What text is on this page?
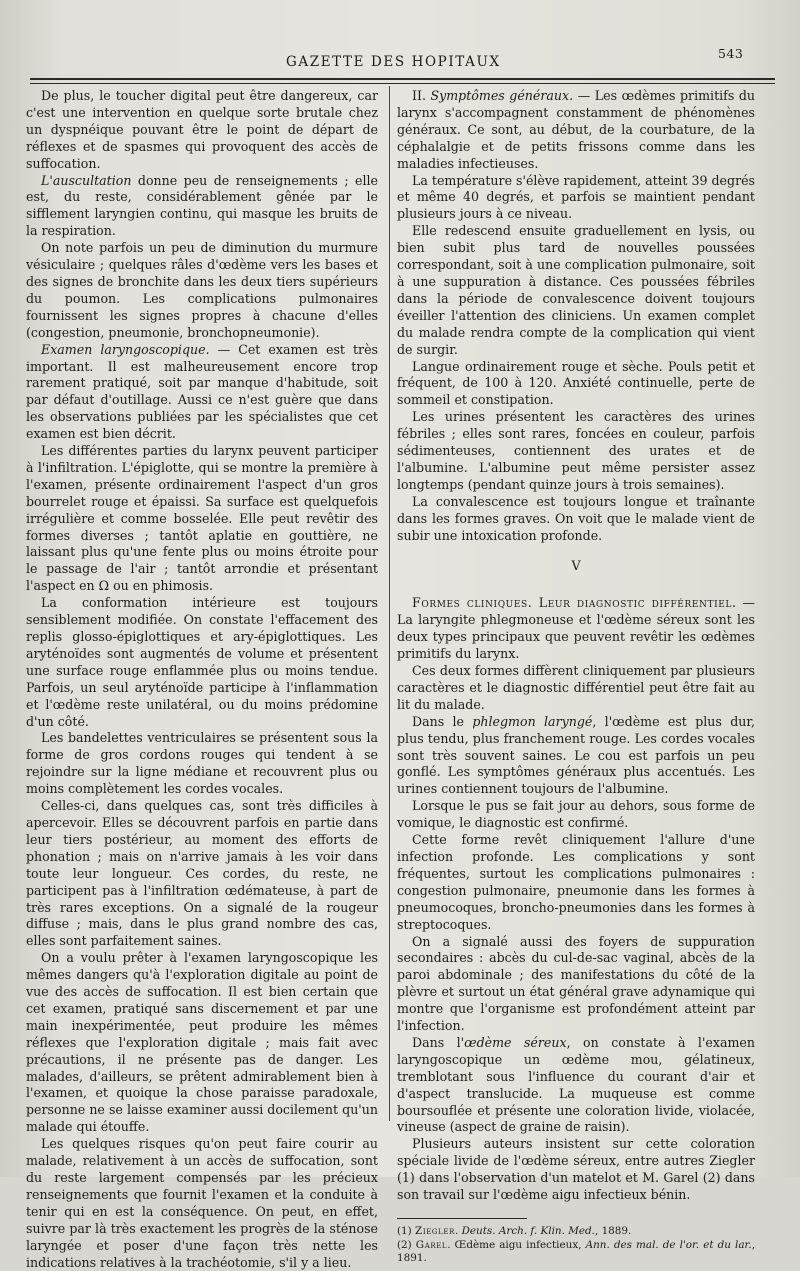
GAZETTE DES HOPITAUX
543

De plus, le toucher digital peut être dangereux, car c'est une intervention en quelque sorte brutale chez un dyspnéique pouvant être le point de départ de réflexes et de spasmes qui provoquent des accès de suffocation.

L'auscultation donne peu de renseignements ; elle est, du reste, considérablement gênée par le sifflement laryngien continu, qui masque les bruits de la respiration.

On note parfois un peu de diminution du murmure vésiculaire ; quelques râles d'œdème vers les bases et des signes de bronchite dans les deux tiers supérieurs du poumon. Les complications pulmonaires fournissent les signes propres à chacune d'elles (congestion, pneumonie, bronchopneumonie).

Examen laryngoscopique. — Cet examen est très important. Il est malheureusement encore trop rarement pratiqué, soit par manque d'habitude, soit par défaut d'outillage. Aussi ce n'est guère que dans les observations publiées par les spécialistes que cet examen est bien décrit.

Les différentes parties du larynx peuvent participer à l'infiltration. L'épiglotte, qui se montre la première à l'examen, présente ordinairement l'aspect d'un gros bourrelet rouge et épaissi. Sa surface est quelquefois irrégulière et comme bosselée. Elle peut revêtir des formes diverses ; tantôt aplatie en gouttière, ne laissant plus qu'une fente plus ou moins étroite pour le passage de l'air ; tantôt arrondie et présentant l'aspect en Ω ou en phimosis.

La conformation intérieure est toujours sensiblement modifiée. On constate l'effacement des replis glosso-épiglottiques et ary-épiglottiques. Les aryténoïdes sont augmentés de volume et présentent une surface rouge enflammée plus ou moins tendue. Parfois, un seul aryténoïde participe à l'inflammation et l'œdème reste unilatéral, ou du moins prédomine d'un côté.

Les bandelettes ventriculaires se présentent sous la forme de gros cordons rouges qui tendent à se rejoindre sur la ligne médiane et recouvrent plus ou moins complètement les cordes vocales.

Celles-ci, dans quelques cas, sont très difficiles à apercevoir. Elles se découvrent parfois en partie dans leur tiers postérieur, au moment des efforts de phonation ; mais on n'arrive jamais à les voir dans toute leur longueur. Ces cordes, du reste, ne participent pas à l'infiltration œdémateuse, à part de très rares exceptions. On a signalé de la rougeur diffuse ; mais, dans le plus grand nombre des cas, elles sont parfaitement saines.

On a voulu prêter à l'examen laryngoscopique les mêmes dangers qu'à l'exploration digitale au point de vue des accès de suffocation. Il est bien certain que cet examen, pratiqué sans discernement et par une main inexpérimentée, peut produire les mêmes réflexes que l'exploration digitale ; mais fait avec précautions, il ne présente pas de danger. Les malades, d'ailleurs, se prêtent admirablement bien à l'examen, et quoique la chose paraisse paradoxale, personne ne se laisse examiner aussi docilement qu'un malade qui étouffe.

Les quelques risques qu'on peut faire courir au malade, relativement à un accès de suffocation, sont du reste largement compensés par les précieux renseignements que fournit l'examen et la conduite à tenir qui en est la conséquence. On peut, en effet, suivre par là très exactement les progrès de la sténose laryngée et poser d'une façon très nette les indications relatives à la trachéotomie, s'il y a lieu.

II. Symptômes généraux. — Les œdèmes primitifs du larynx s'accompagnent constamment de phénomènes généraux. Ce sont, au début, de la courbature, de la céphalalgie et de petits frissons comme dans les maladies infectieuses.

La température s'élève rapidement, atteint 39 degrés et même 40 degrés, et parfois se maintient pendant plusieurs jours à ce niveau.

Elle redescend ensuite graduellement en lysis, ou bien subit plus tard de nouvelles poussées correspondant, soit à une complication pulmonaire, soit à une suppuration à distance. Ces poussées fébriles dans la période de convalescence doivent toujours éveiller l'attention des cliniciens. Un examen complet du malade rendra compte de la complication qui vient de surgir.

Langue ordinairement rouge et sèche. Pouls petit et fréquent, de 100 à 120. Anxiété continuelle, perte de sommeil et constipation.

Les urines présentent les caractères des urines fébriles ; elles sont rares, foncées en couleur, parfois sédimenteuses, contiennent des urates et de l'albumine. L'albumine peut même persister assez longtemps (pendant quinze jours à trois semaines).

La convalescence est toujours longue et traînante dans les formes graves. On voit que le malade vient de subir une intoxication profonde.

V

Formes cliniques. Leur diagnostic différentiel. — La laryngite phlegmoneuse et l'œdème séreux sont les deux types principaux que peuvent revêtir les œdèmes primitifs du larynx.

Ces deux formes diffèrent cliniquement par plusieurs caractères et le diagnostic différentiel peut être fait au lit du malade.

Dans le phlegmon laryngé, l'œdème est plus dur, plus tendu, plus franchement rouge. Les cordes vocales sont très souvent saines. Le cou est parfois un peu gonflé. Les symptômes généraux plus accentués. Les urines contiennent toujours de l'albumine.

Lorsque le pus se fait jour au dehors, sous forme de vomique, le diagnostic est confirmé.

Cette forme revêt cliniquement l'allure d'une infection profonde. Les complications y sont fréquentes, surtout les complications pulmonaires : congestion pulmonaire, pneumonie dans les formes à pneumocoques, broncho-pneumonies dans les formes à streptocoques.

On a signalé aussi des foyers de suppuration secondaires : abcès du cul-de-sac vaginal, abcès de la paroi abdominale ; des manifestations du côté de la plèvre et surtout un état général grave adynamique qui montre que l'organisme est profondément atteint par l'infection.

Dans l'œdème séreux, on constate à l'examen laryngoscopique un œdème mou, gélatineux, tremblotant sous l'influence du courant d'air et d'aspect translucide. La muqueuse est comme boursouflée et présente une coloration livide, violacée, vineuse (aspect de graine de raisin).

Plusieurs auteurs insistent sur cette coloration spéciale livide de l'œdème séreux, entre autres Ziegler (1) dans l'observation d'un matelot et M. Garel (2) dans son travail sur l'œdème aigu infectieux bénin.

(1) Ziegler. Deuts. Arch. f. Klin. Med., 1889.

(2) Garel. Œdème aigu infectieux, Ann. des mal. de l'or. et du lar., 1891.
